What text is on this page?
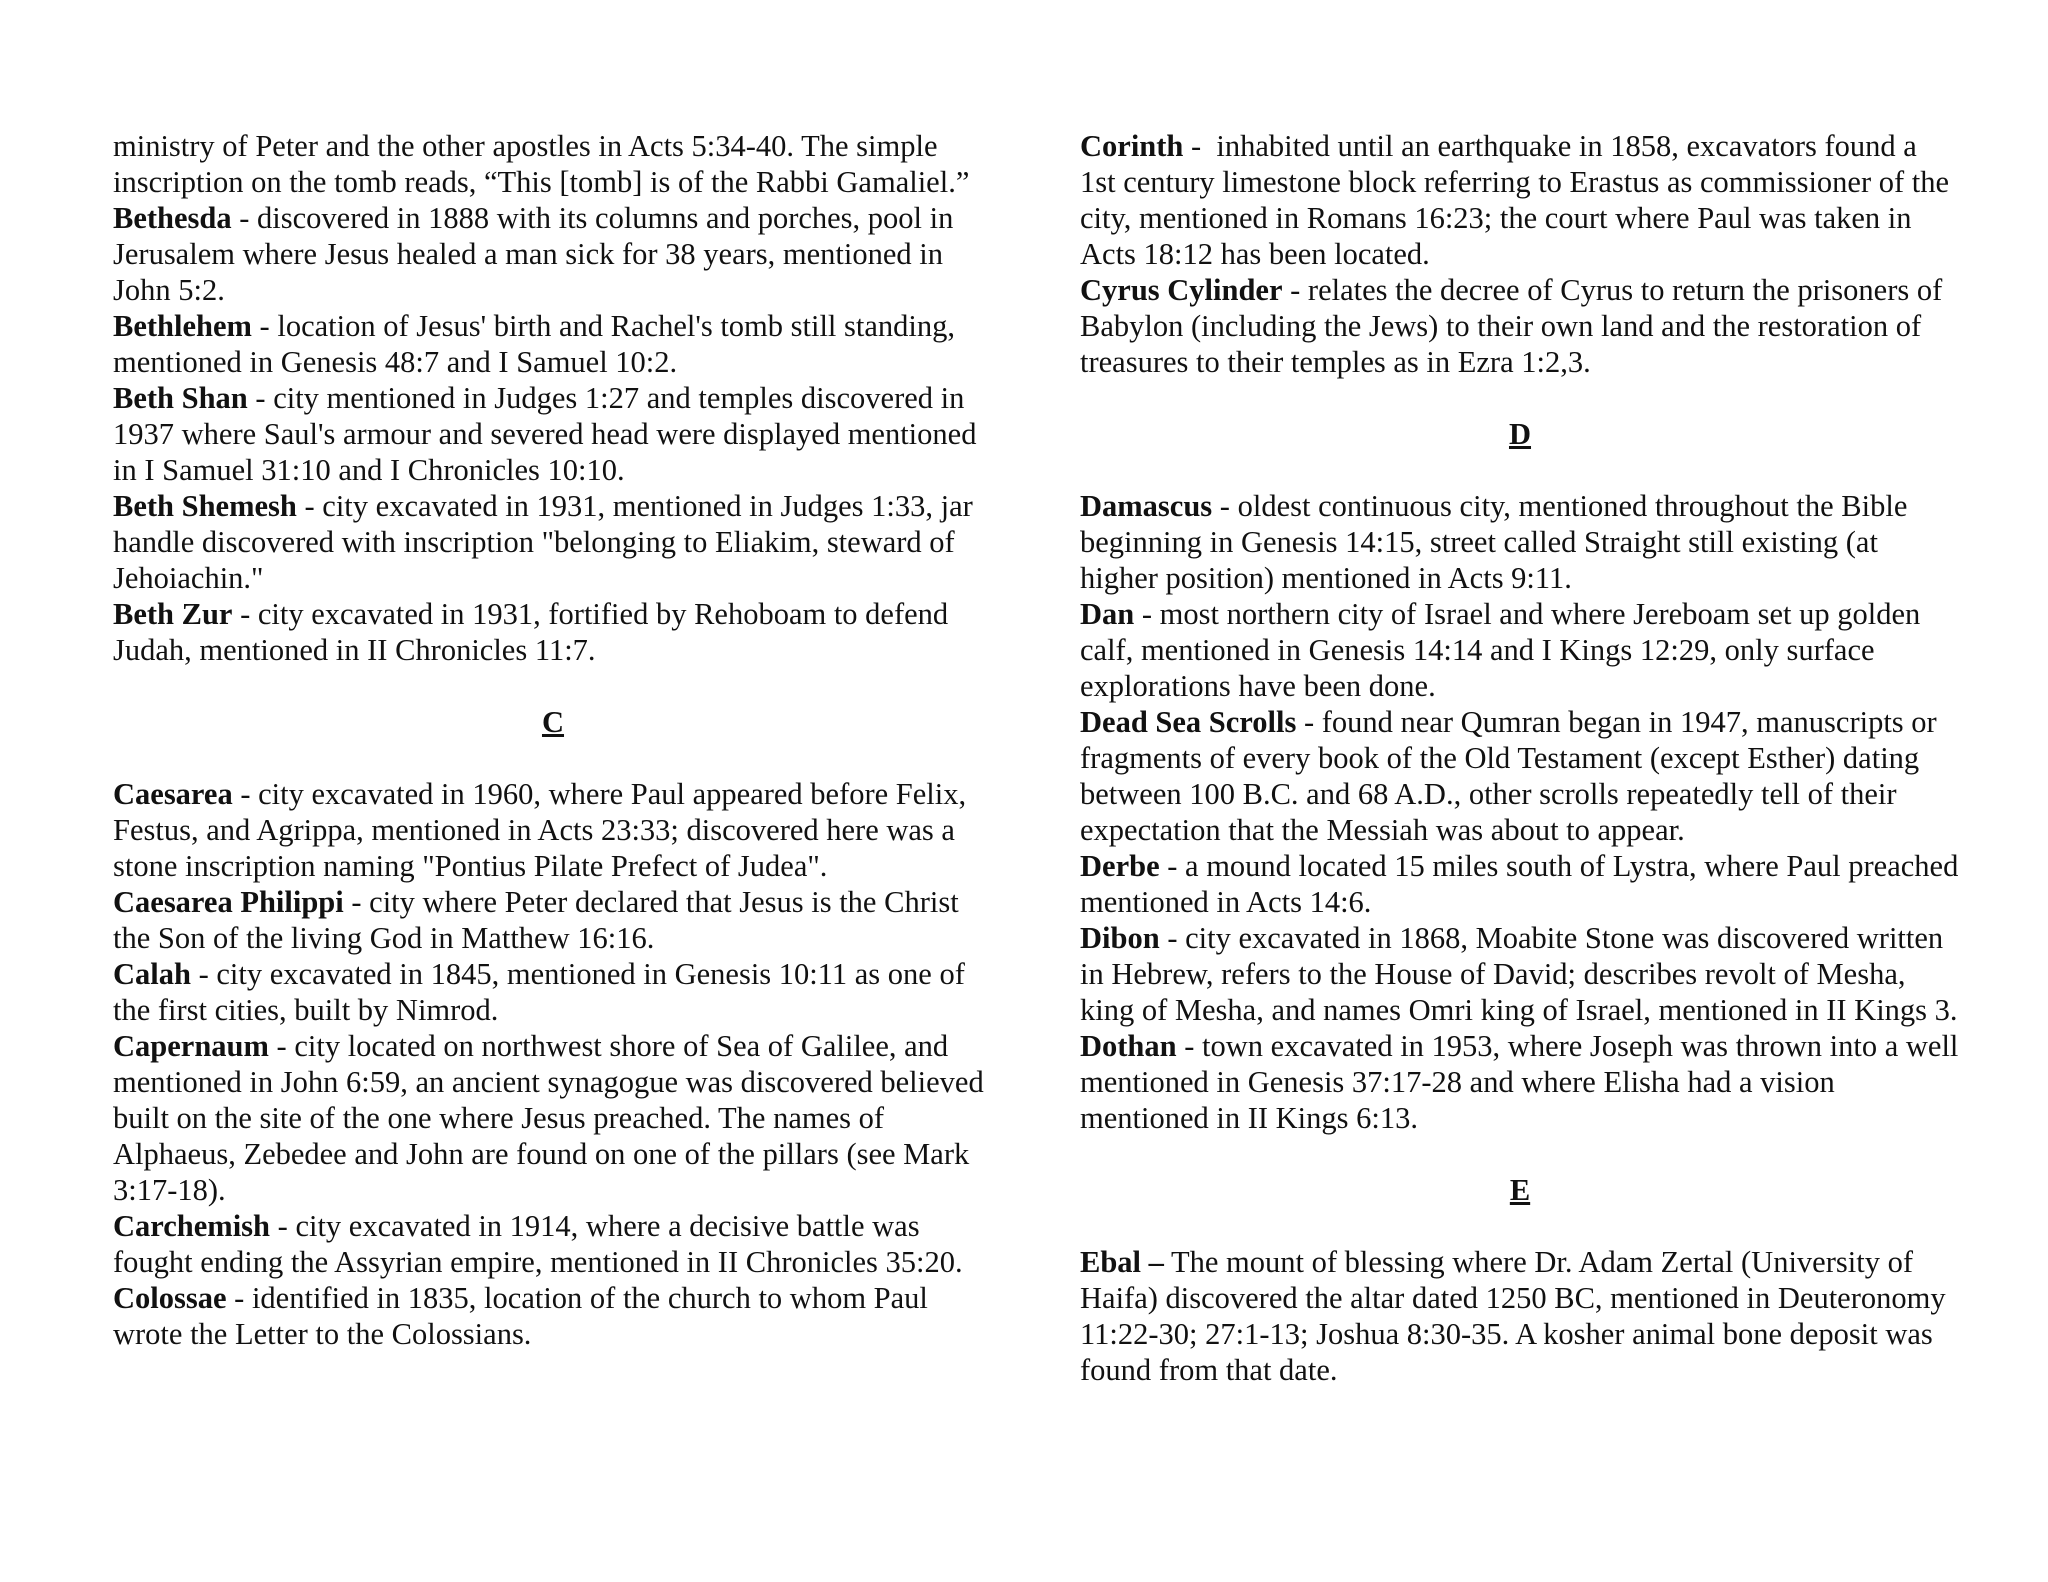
ministry of Peter and the other apostles in Acts 5:34-40. The simple inscription on the tomb reads, “This [tomb] is of the Rabbi Gamaliel.”

Bethesda - discovered in 1888 with its columns and porches, pool in Jerusalem where Jesus healed a man sick for 38 years, mentioned in John 5:2.

Bethlehem - location of Jesus' birth and Rachel's tomb still standing, mentioned in Genesis 48:7 and I Samuel 10:2.

Beth Shan - city mentioned in Judges 1:27 and temples discovered in 1937 where Saul's armour and severed head were displayed mentioned in I Samuel 31:10 and I Chronicles 10:10.

Beth Shemesh - city excavated in 1931, mentioned in Judges 1:33, jar handle discovered with inscription "belonging to Eliakim, steward of Jehoiachin."

Beth Zur - city excavated in 1931, fortified by Rehoboam to defend Judah, mentioned in II Chronicles 11:7.

C

Caesarea - city excavated in 1960, where Paul appeared before Felix, Festus, and Agrippa, mentioned in Acts 23:33; discovered here was a stone inscription naming "Pontius Pilate Prefect of Judea".

Caesarea Philippi - city where Peter declared that Jesus is the Christ the Son of the living God in Matthew 16:16.

Calah - city excavated in 1845, mentioned in Genesis 10:11 as one of the first cities, built by Nimrod.

Capernaum - city located on northwest shore of Sea of Galilee, and mentioned in John 6:59, an ancient synagogue was discovered believed built on the site of the one where Jesus preached. The names of Alphaeus, Zebedee and John are found on one of the pillars (see Mark 3:17-18).

Carchemish - city excavated in 1914, where a decisive battle was fought ending the Assyrian empire, mentioned in II Chronicles 35:20.

Colossae - identified in 1835, location of the church to whom Paul wrote the Letter to the Colossians.

Corinth -  inhabited until an earthquake in 1858, excavators found a 1st century limestone block referring to Erastus as commissioner of the city, mentioned in Romans 16:23; the court where Paul was taken in Acts 18:12 has been located.

Cyrus Cylinder - relates the decree of Cyrus to return the prisoners of Babylon (including the Jews) to their own land and the restoration of treasures to their temples as in Ezra 1:2,3.

D

Damascus - oldest continuous city, mentioned throughout the Bible beginning in Genesis 14:15, street called Straight still existing (at higher position) mentioned in Acts 9:11.

Dan - most northern city of Israel and where Jereboam set up golden calf, mentioned in Genesis 14:14 and I Kings 12:29, only surface explorations have been done.

Dead Sea Scrolls - found near Qumran began in 1947, manuscripts or fragments of every book of the Old Testament (except Esther) dating between 100 B.C. and 68 A.D., other scrolls repeatedly tell of their expectation that the Messiah was about to appear.

Derbe - a mound located 15 miles south of Lystra, where Paul preached mentioned in Acts 14:6.

Dibon - city excavated in 1868, Moabite Stone was discovered written in Hebrew, refers to the House of David; describes revolt of Mesha, king of Mesha, and names Omri king of Israel, mentioned in II Kings 3.

Dothan - town excavated in 1953, where Joseph was thrown into a well mentioned in Genesis 37:17-28 and where Elisha had a vision mentioned in II Kings 6:13.

E

Ebal – The mount of blessing where Dr. Adam Zertal (University of Haifa) discovered the altar dated 1250 BC, mentioned in Deuteronomy 11:22-30; 27:1-13; Joshua 8:30-35. A kosher animal bone deposit was found from that date.
